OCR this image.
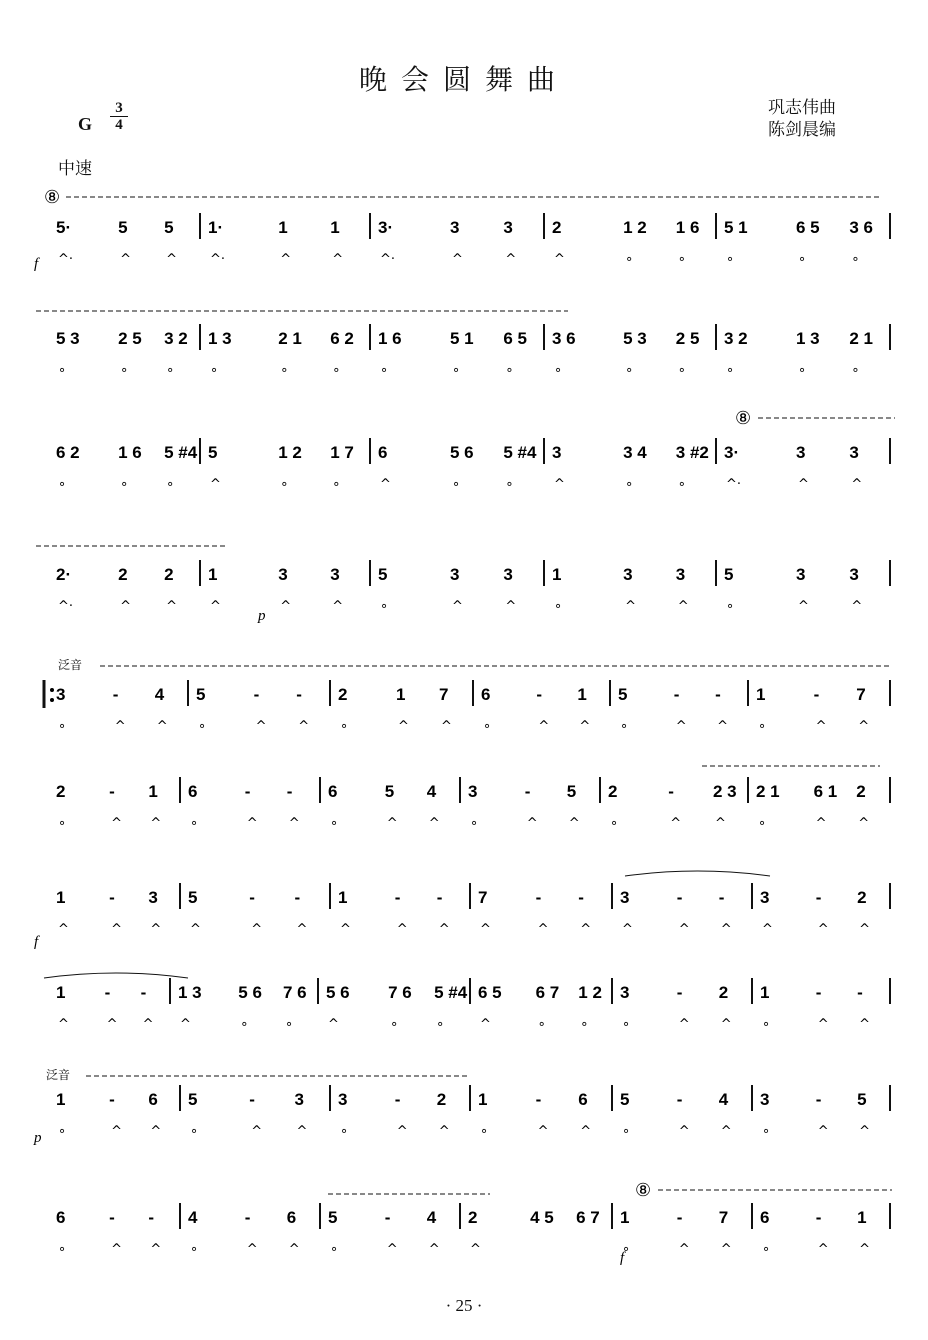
晚会圆舞曲
巩志伟曲
陈剑晨编
G
3
4
中速
5·
^·
5
^
5
^
1·
^·
1
^
1
^
3·
^·
3
^
3
^
2
^
1 2
∘
1 6
∘
5 1
∘
6 5
∘
3 6
∘
5 3
∘
2 5
∘
3 2
∘
1 3
∘
2 1
∘
6 2
∘
1 6
∘
5 1
∘
6 5
∘
3 6
∘
5 3
∘
2 5
∘
3 2
∘
1 3
∘
2 1
∘
6 2
∘
1 6
∘
5 #4
∘
5
^
1 2
∘
1 7
∘
6
^
5 6
∘
5 #4
∘
3
^
3 4
∘
3 #2
∘
3·
^·
3
^
3
^
2·
^·
2
^
2
^
1
^
3
^
3
^
5
∘
3
^
3
^
1
∘
3
^
3
^
5
∘
3
^
3
^
3
∘
-
^
4
^
5
∘
-
^
-
^
2
∘
1
^
7
^
6
∘
-
^
1
^
5
∘
-
^
-
^
1
∘
-
^
7
^
2
∘
-
^
1
^
6
∘
-
^
-
^
6
∘
5
^
4
^
3
∘
-
^
5
^
2
∘
-
^
2 3
^
2 1
∘
6 1
^
2
^
1
^
-
^
3
^
5
^
-
^
-
^
1
^
-
^
-
^
7
^
-
^
-
^
3
^
-
^
-
^
3
^
-
^
2
^
1
^
-
^
-
^
1 3
^
5 6
∘
7 6
∘
5 6
^
7 6
∘
5 #4
∘
6 5
^
6 7
∘
1 2
∘
3
∘
-
^
2
^
1
∘
-
^
-
^
1
∘
-
^
6
^
5
∘
-
^
3
^
3
∘
-
^
2
^
1
∘
-
^
6
^
5
∘
-
^
4
^
3
∘
-
^
5
^
6
∘
-
^
-
^
4
∘
-
^
6
^
5
∘
-
^
4
^
2
^
4 5 6 7 1
∘
-
^
7
^
6
∘
-
^
1
^
⑧
⑧
⑧
泛音
泛音
f
p
f
p
f
· 25 ·
